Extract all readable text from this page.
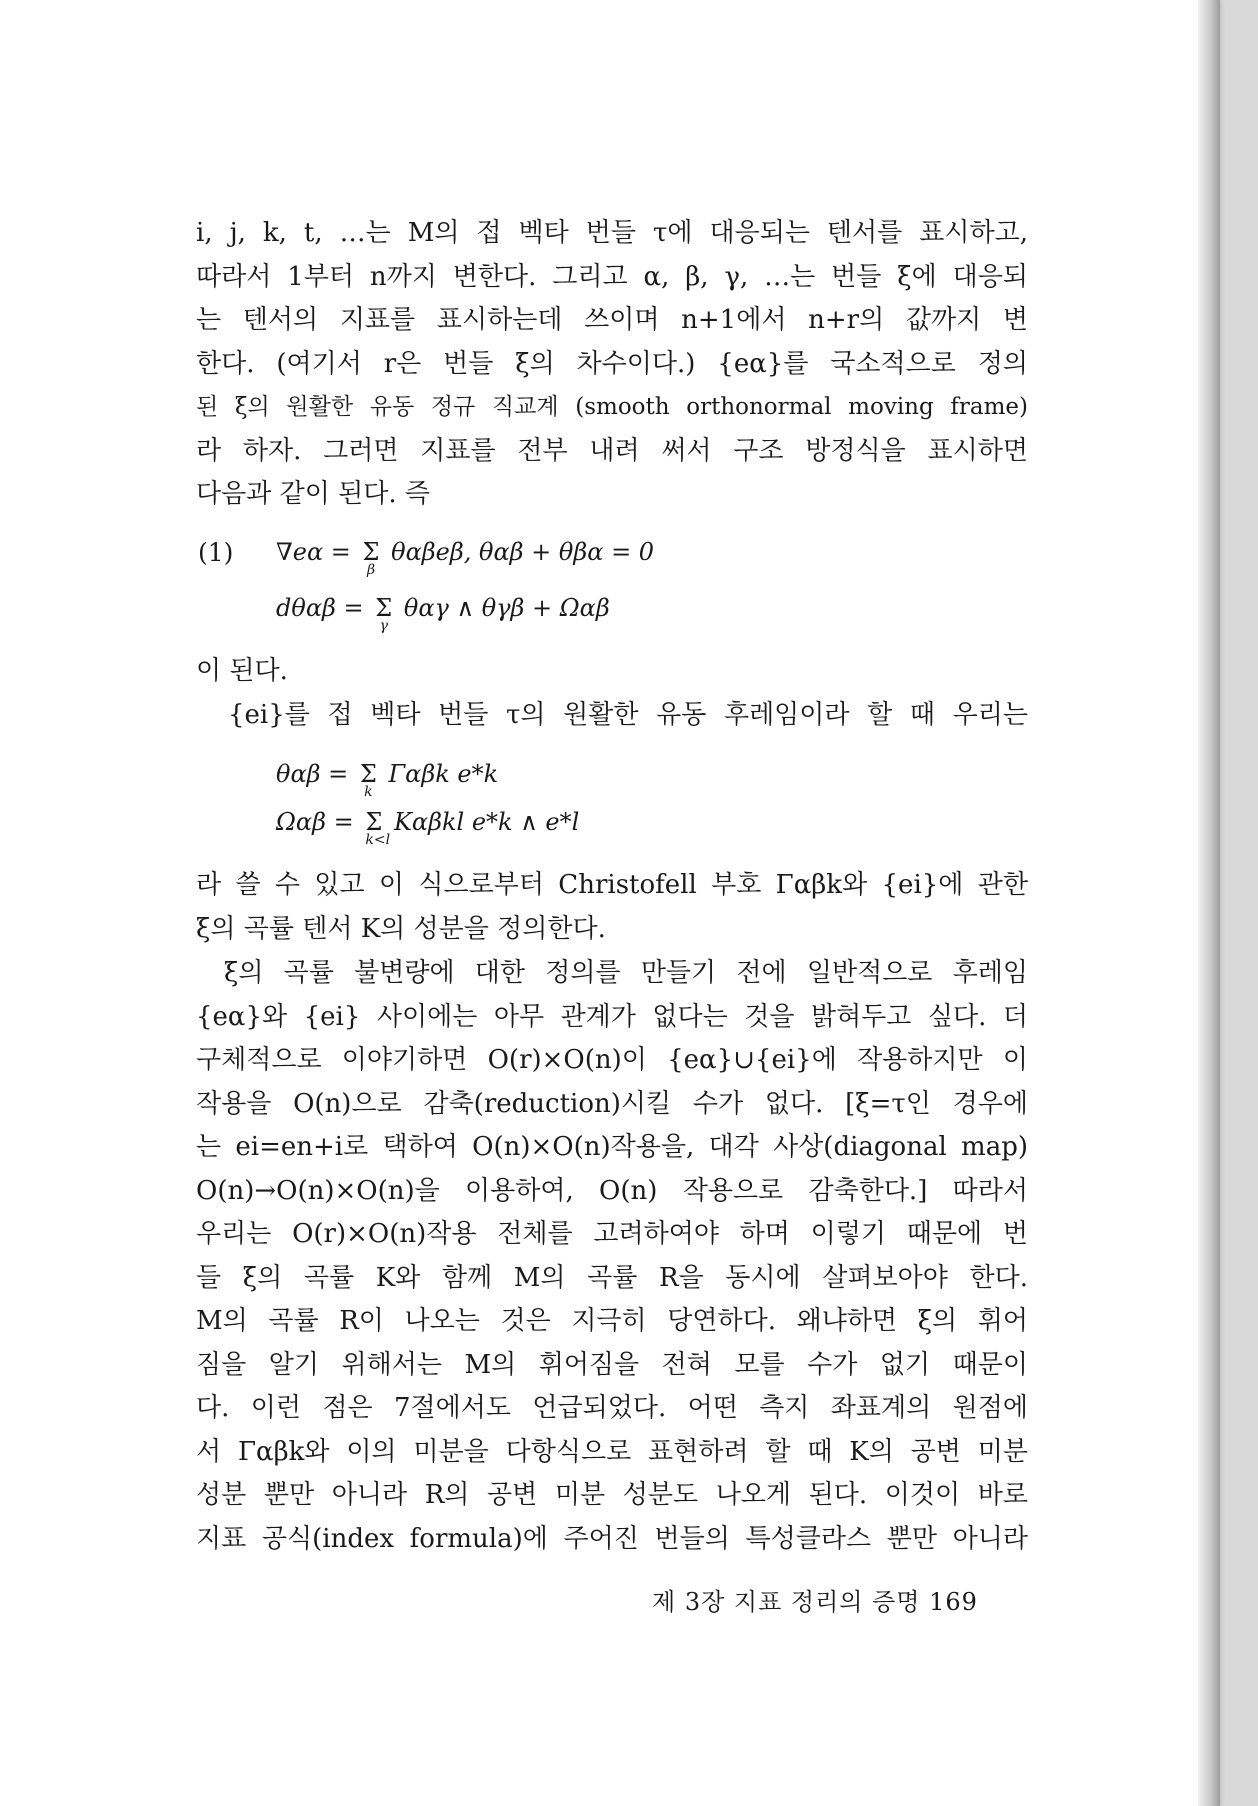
i, j, k, t, …는 M의 접 벡타 번들 τ에 대응되는 텐서를 표시하고,
따라서 1부터 n까지 변한다. 그리고 α, β, γ, …는 번들 ξ에 대응되
는 텐서의 지표를 표시하는데 쓰이며 n+1에서 n+r의 값까지 변
한다. (여기서 r은 번들 ξ의 차수이다.) {eα}를 국소적으로 정의
된 ξ의 원활한 유동 정규 직교계 (smooth orthonormal moving frame)
라 하자. 그러면 지표를 전부 내려 써서 구조 방정식을 표시하면
다음과 같이 된다. 즉
(1) ∇eα = Σ
β
θαβeβ, θαβ + θβα = 0
dθαβ = Σ
γ
θαγ ∧ θγβ + Ωαβ
이 된다.
{ei}를 접 벡타 번들 τ의 원활한 유동 후레임이라 할 때 우리는
θαβ = Σ
k
Γαβk e*k
Ωαβ = Σ
k<l
Kαβkl e*k ∧ e*l
라 쓸 수 있고 이 식으로부터 Christofell 부호 Γαβk와 {ei}에 관한
ξ의 곡률 텐서 K의 성분을 정의한다.
ξ의 곡률 불변량에 대한 정의를 만들기 전에 일반적으로 후레임
{eα}와 {ei} 사이에는 아무 관계가 없다는 것을 밝혀두고 싶다. 더
구체적으로 이야기하면 O(r)×O(n)이 {eα}∪{ei}에 작용하지만 이
작용을 O(n)으로 감축(reduction)시킬 수가 없다. [ξ=τ인 경우에
는 ei=en+i로 택하여 O(n)×O(n)작용을, 대각 사상(diagonal map)
O(n)→O(n)×O(n)을 이용하여, O(n) 작용으로 감축한다.] 따라서
우리는 O(r)×O(n)작용 전체를 고려하여야 하며 이렇기 때문에 번
들 ξ의 곡률 K와 함께 M의 곡률 R을 동시에 살펴보아야 한다.
M의 곡률 R이 나오는 것은 지극히 당연하다. 왜냐하면 ξ의 휘어
짐을 알기 위해서는 M의 휘어짐을 전혀 모를 수가 없기 때문이
다. 이런 점은 7절에서도 언급되었다. 어떤 측지 좌표계의 원점에
서 Γαβk와 이의 미분을 다항식으로 표현하려 할 때 K의 공변 미분
성분 뿐만 아니라 R의 공변 미분 성분도 나오게 된다. 이것이 바로
지표 공식(index formula)에 주어진 번들의 특성클라스 뿐만 아니라
제 3장 지표 정리의 증명 169
